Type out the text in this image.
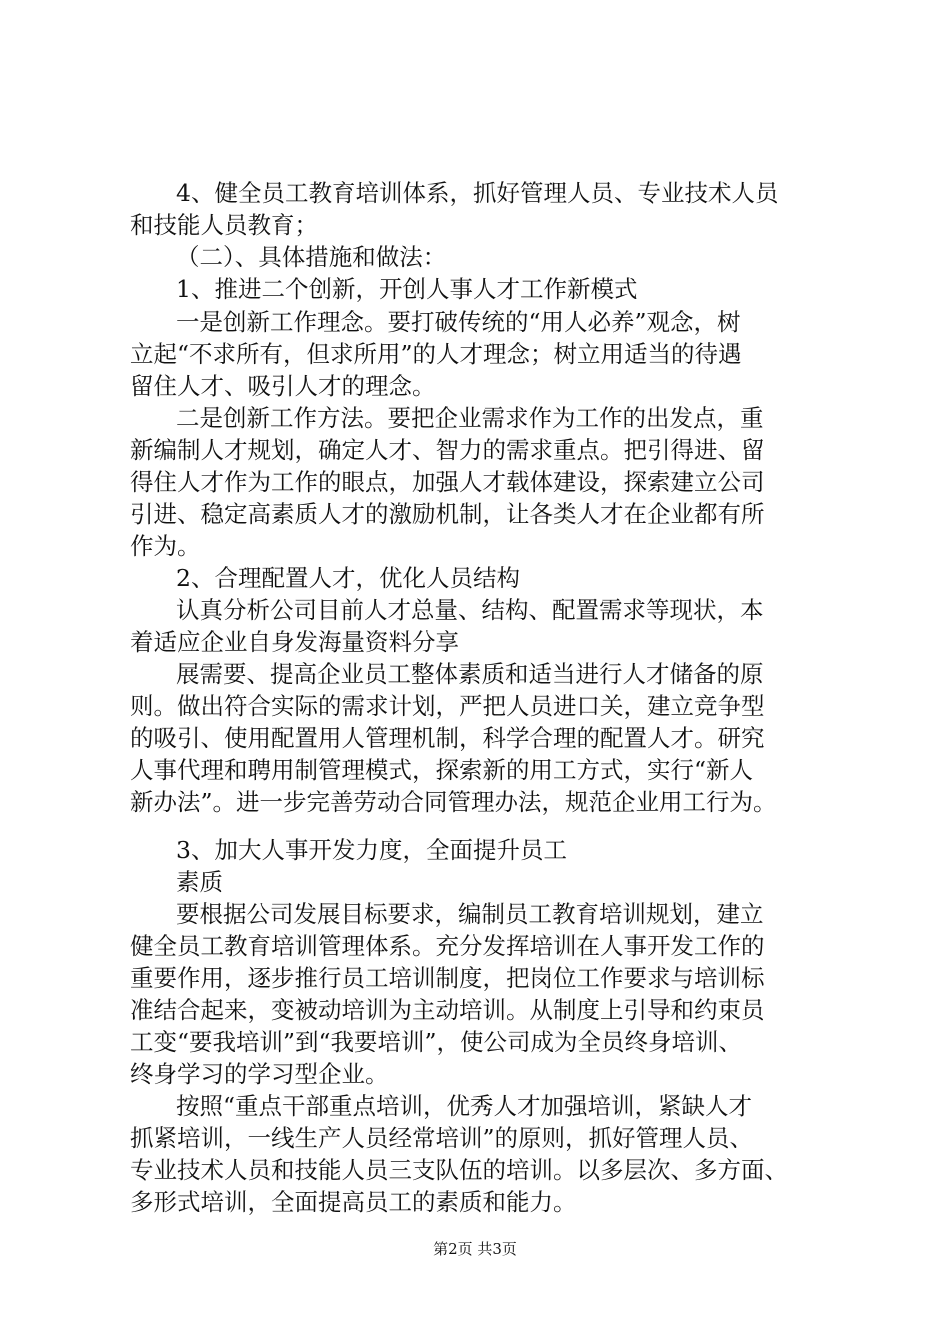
4、健全员工教育培训体系，抓好管理人员、专业技术人员
和技能人员教育；
（二）、具体措施和做法：
1、推进二个创新，开创人事人才工作新模式
一是创新工作理念。要打破传统的“用人必养”观念，树
立起“不求所有，但求所用”的人才理念；树立用适当的待遇
留住人才、吸引人才的理念。
二是创新工作方法。要把企业需求作为工作的出发点，重
新编制人才规划，确定人才、智力的需求重点。把引得进、留
得住人才作为工作的眼点，加强人才载体建设，探索建立公司
引进、稳定高素质人才的激励机制，让各类人才在企业都有所
作为。
2、合理配置人才，优化人员结构
认真分析公司目前人才总量、结构、配置需求等现状，本
着适应企业自身发海量资料分享
展需要、提高企业员工整体素质和适当进行人才储备的原
则。做出符合实际的需求计划，严把人员进口关，建立竞争型
的吸引、使用配置用人管理机制，科学合理的配置人才。研究
人事代理和聘用制管理模式，探索新的用工方式，实行“新人
新办法”。进一步完善劳动合同管理办法，规范企业用工行为。
3、加大人事开发力度，全面提升员工
素质
要根据公司发展目标要求，编制员工教育培训规划，建立
健全员工教育培训管理体系。充分发挥培训在人事开发工作的
重要作用，逐步推行员工培训制度，把岗位工作要求与培训标
准结合起来，变被动培训为主动培训。从制度上引导和约束员
工变“要我培训”到“我要培训”，使公司成为全员终身培训、
终身学习的学习型企业。
按照“重点干部重点培训，优秀人才加强培训，紧缺人才
抓紧培训，一线生产人员经常培训”的原则，抓好管理人员、
专业技术人员和技能人员三支队伍的培训。以多层次、多方面、
多形式培训，全面提高员工的素质和能力。
第2页 共3页
